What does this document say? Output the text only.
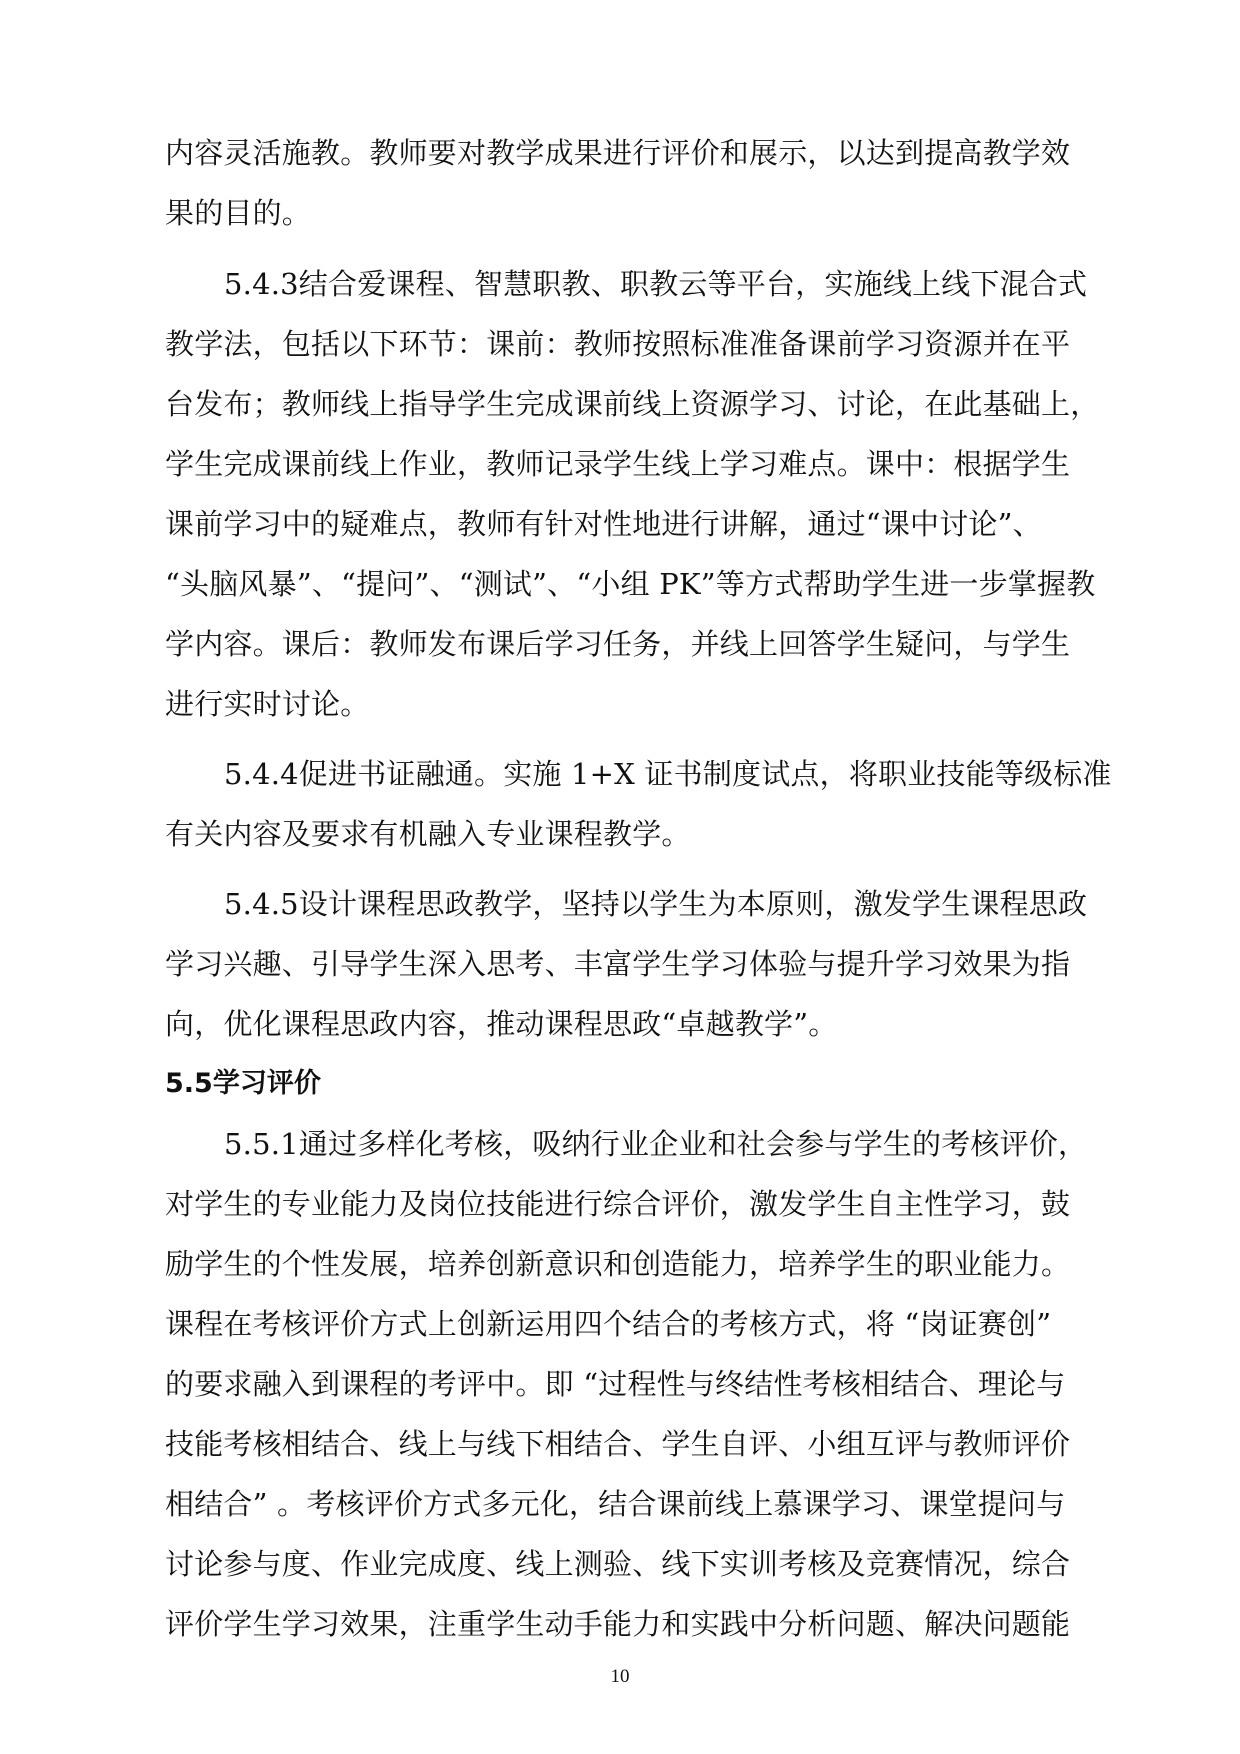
内容灵活施教。教师要对教学成果进行评价和展示，以达到提高教学效
果的目的。
5.4.3结合爱课程、智慧职教、职教云等平台，实施线上线下混合式
教学法，包括以下环节：课前：教师按照标准准备课前学习资源并在平
台发布；教师线上指导学生完成课前线上资源学习、讨论，在此基础上，
学生完成课前线上作业，教师记录学生线上学习难点。课中：根据学生
课前学习中的疑难点，教师有针对性地进行讲解，通过“课中讨论”、
“头脑风暴”、“提问”、“测试”、“小组 PK”等方式帮助学生进一步掌握教
学内容。课后：教师发布课后学习任务，并线上回答学生疑问，与学生
进行实时讨论。
5.4.4促进书证融通。实施 1+X 证书制度试点，将职业技能等级标准
有关内容及要求有机融入专业课程教学。
5.4.5设计课程思政教学，坚持以学生为本原则，激发学生课程思政
学习兴趣、引导学生深入思考、丰富学生学习体验与提升学习效果为指
向，优化课程思政内容，推动课程思政“卓越教学”。
5.5学习评价
5.5.1通过多样化考核，吸纳行业企业和社会参与学生的考核评价，
对学生的专业能力及岗位技能进行综合评价，激发学生自主性学习，鼓
励学生的个性发展，培养创新意识和创造能力，培养学生的职业能力。
课程在考核评价方式上创新运用四个结合的考核方式，将 “岗证赛创”
的要求融入到课程的考评中。即 “过程性与终结性考核相结合、理论与
技能考核相结合、线上与线下相结合、学生自评、小组互评与教师评价
相结合” 。考核评价方式多元化，结合课前线上慕课学习、课堂提问与
讨论参与度、作业完成度、线上测验、线下实训考核及竞赛情况，综合
评价学生学习效果，注重学生动手能力和实践中分析问题、解决问题能
10
